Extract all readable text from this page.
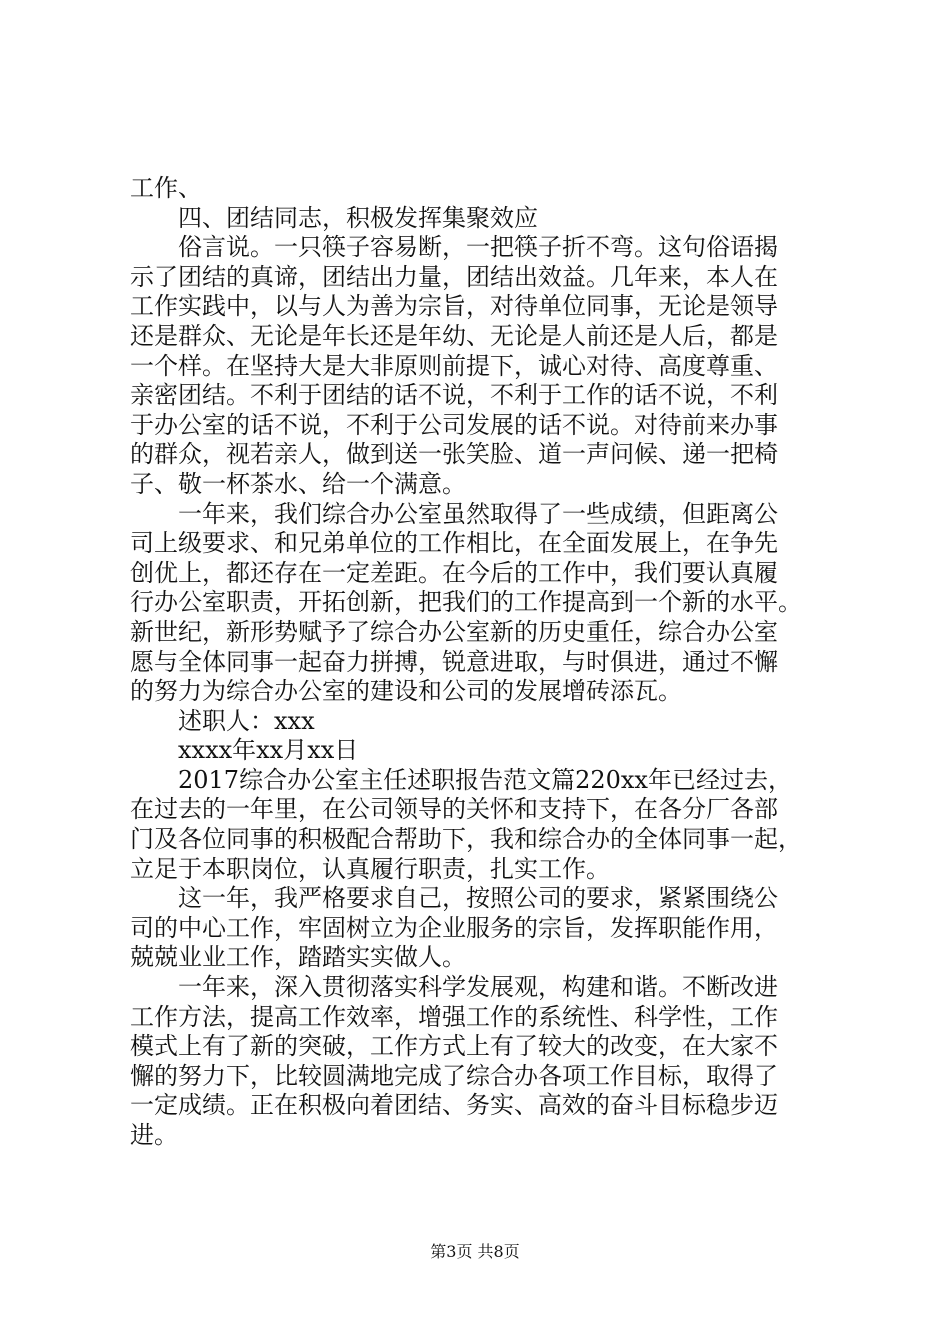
工作、
四、团结同志，积极发挥集聚效应
俗言说。一只筷子容易断，一把筷子折不弯。这句俗语揭
示了团结的真谛，团结出力量，团结出效益。几年来，本人在
工作实践中，以与人为善为宗旨，对待单位同事，无论是领导
还是群众、无论是年长还是年幼、无论是人前还是人后，都是
一个样。在坚持大是大非原则前提下，诚心对待、高度尊重、
亲密团结。不利于团结的话不说，不利于工作的话不说，不利
于办公室的话不说，不利于公司发展的话不说。对待前来办事
的群众，视若亲人，做到送一张笑脸、道一声问候、递一把椅
子、敬一杯茶水、给一个满意。
一年来，我们综合办公室虽然取得了一些成绩，但距离公
司上级要求、和兄弟单位的工作相比，在全面发展上，在争先
创优上，都还存在一定差距。在今后的工作中，我们要认真履
行办公室职责，开拓创新，把我们的工作提高到一个新的水平。
新世纪，新形势赋予了综合办公室新的历史重任，综合办公室
愿与全体同事一起奋力拼搏，锐意进取，与时俱进，通过不懈
的努力为综合办公室的建设和公司的发展增砖添瓦。
述职人：xxx
xxxx年xx月xx日
2017综合办公室主任述职报告范文篇220xx年已经过去，
在过去的一年里，在公司领导的关怀和支持下，在各分厂各部
门及各位同事的积极配合帮助下，我和综合办的全体同事一起，
立足于本职岗位，认真履行职责，扎实工作。
这一年，我严格要求自己，按照公司的要求，紧紧围绕公
司的中心工作，牢固树立为企业服务的宗旨，发挥职能作用，
兢兢业业工作，踏踏实实做人。
一年来，深入贯彻落实科学发展观，构建和谐。不断改进
工作方法，提高工作效率，增强工作的系统性、科学性，工作
模式上有了新的突破，工作方式上有了较大的改变，在大家不
懈的努力下，比较圆满地完成了综合办各项工作目标，取得了
一定成绩。正在积极向着团结、务实、高效的奋斗目标稳步迈
进。
第3页 共8页
